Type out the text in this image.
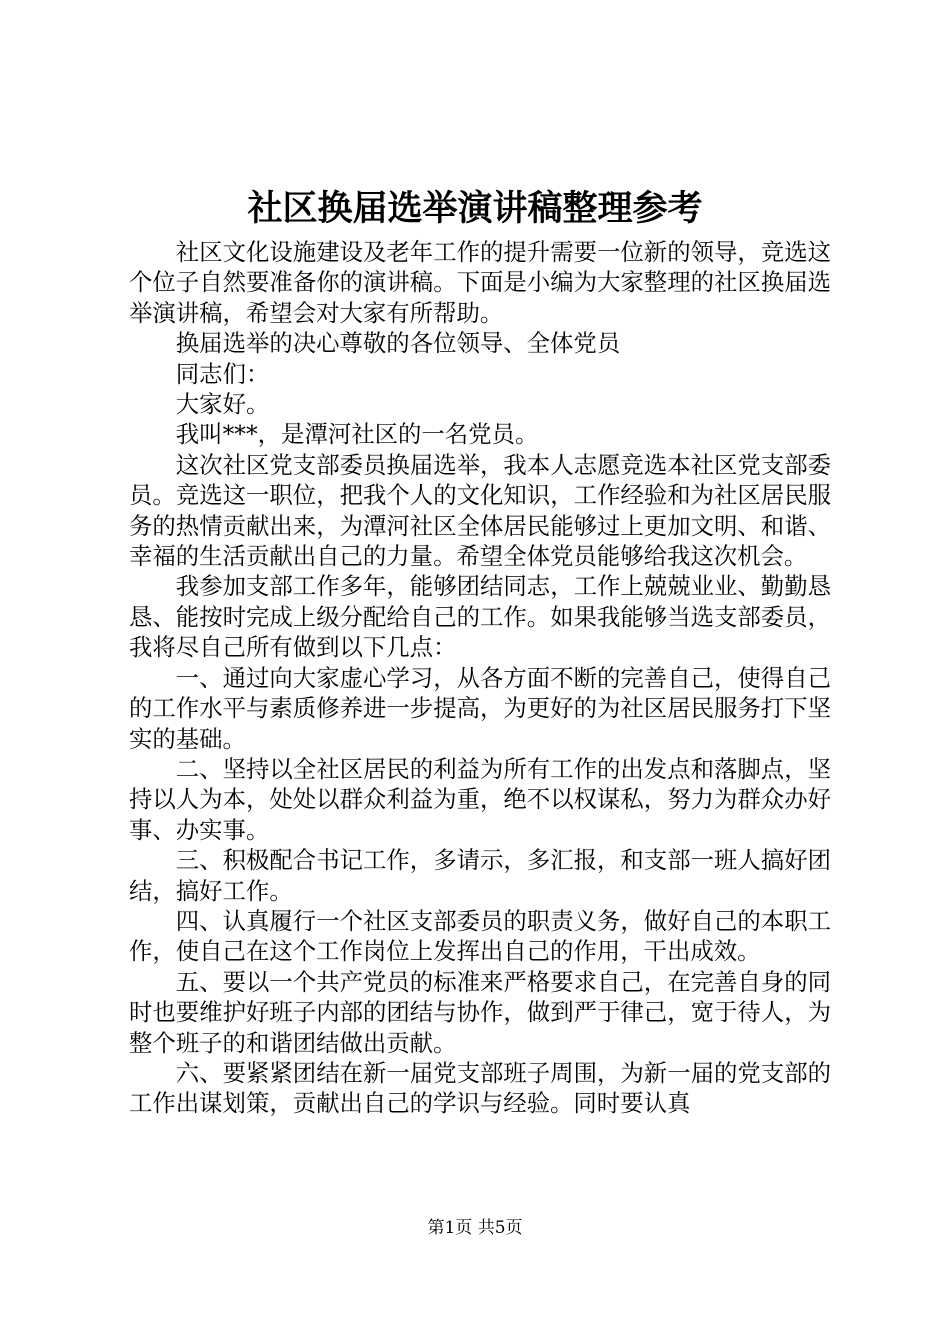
社区换届选举演讲稿整理参考

社区文化设施建设及老年工作的提升需要一位新的领导，竞选这个位子自然要准备你的演讲稿。下面是小编为大家整理的社区换届选举演讲稿，希望会对大家有所帮助。

换届选举的决心尊敬的各位领导、全体党员

同志们：

大家好。

我叫***，是潭河社区的一名党员。

这次社区党支部委员换届选举，我本人志愿竞选本社区党支部委员。竞选这一职位，把我个人的文化知识，工作经验和为社区居民服务的热情贡献出来，为潭河社区全体居民能够过上更加文明、和谐、幸福的生活贡献出自己的力量。希望全体党员能够给我这次机会。

我参加支部工作多年，能够团结同志，工作上兢兢业业、勤勤恳恳、能按时完成上级分配给自己的工作。如果我能够当选支部委员，我将尽自己所有做到以下几点：

一、通过向大家虚心学习，从各方面不断的完善自己，使得自己的工作水平与素质修养进一步提高，为更好的为社区居民服务打下坚实的基础。

二、坚持以全社区居民的利益为所有工作的出发点和落脚点，坚持以人为本，处处以群众利益为重，绝不以权谋私，努力为群众办好事、办实事。

三、积极配合书记工作，多请示，多汇报，和支部一班人搞好团结，搞好工作。

四、认真履行一个社区支部委员的职责义务，做好自己的本职工作，使自己在这个工作岗位上发挥出自己的作用，干出成效。

五、要以一个共产党员的标准来严格要求自己，在完善自身的同时也要维护好班子内部的团结与协作，做到严于律己，宽于待人，为整个班子的和谐团结做出贡献。

六、要紧紧团结在新一届党支部班子周围，为新一届的党支部的工作出谋划策，贡献出自己的学识与经验。同时要认真

第1页 共5页
